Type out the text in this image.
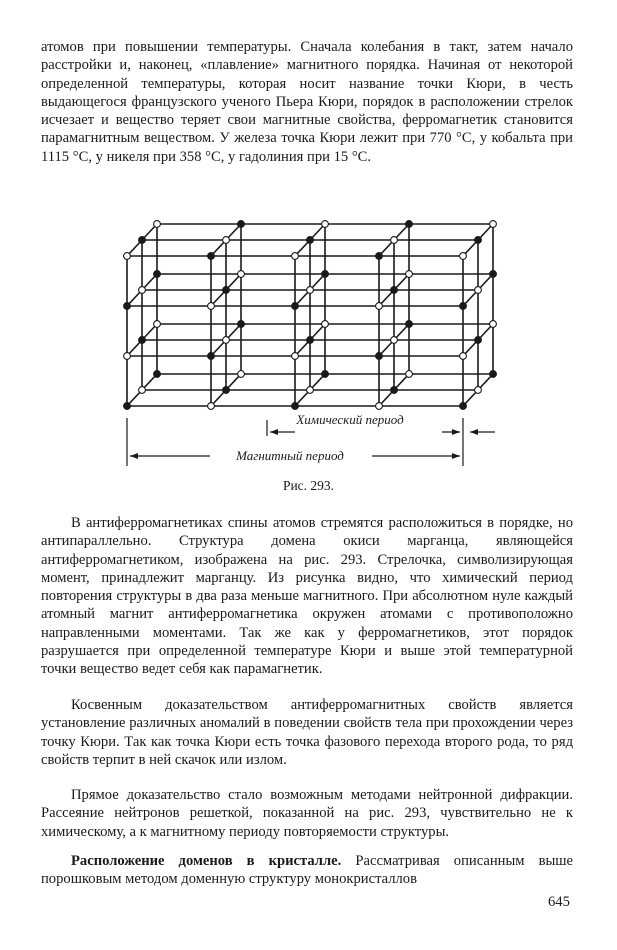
атомов при повышении температуры. Сначала колебания в такт, затем начало расстройки и, наконец, «плавление» магнитного порядка. Начиная от некоторой определенной температуры, которая носит название точки Кюри, в честь выдающегося французского ученого Пьера Кюри, порядок в расположении стрелок исчезает и вещество теряет свои магнитные свойства, ферромагнетик становится парамагнитным веществом. У железа точка Кюри лежит при 770 °C, у кобальта при 1115 °C, у никеля при 358 °C, у гадолиния при 15 °C.

Химический период
Магнитный период
Рис. 293.

В антиферромагнетиках спины атомов стремятся расположиться в порядке, но антипараллельно. Структура домена окиси марганца, являющейся антиферромагнетиком, изображена на рис. 293. Стрелочка, символизирующая момент, принадлежит марганцу. Из рисунка видно, что химический период повторения структуры в два раза меньше магнитного. При абсолютном нуле каждый атомный магнит антиферромагнетика окружен атомами с противоположно направленными моментами. Так же как у ферромагнетиков, этот порядок разрушается при определенной температуре Кюри и выше этой температурной точки вещество ведет себя как парамагнетик.

Косвенным доказательством антиферромагнитных свойств является установление различных аномалий в поведении свойств тела при прохождении через точку Кюри. Так как точка Кюри есть точка фазового перехода второго рода, то ряд свойств терпит в ней скачок или излом.

Прямое доказательство стало возможным методами нейтронной дифракции. Рассеяние нейтронов решеткой, показанной на рис. 293, чувствительно не к химическому, а к магнитному периоду повторяемости структуры.

Расположение доменов в кристалле. Рассматривая описанным выше порошковым методом доменную структуру монокристаллов

645
